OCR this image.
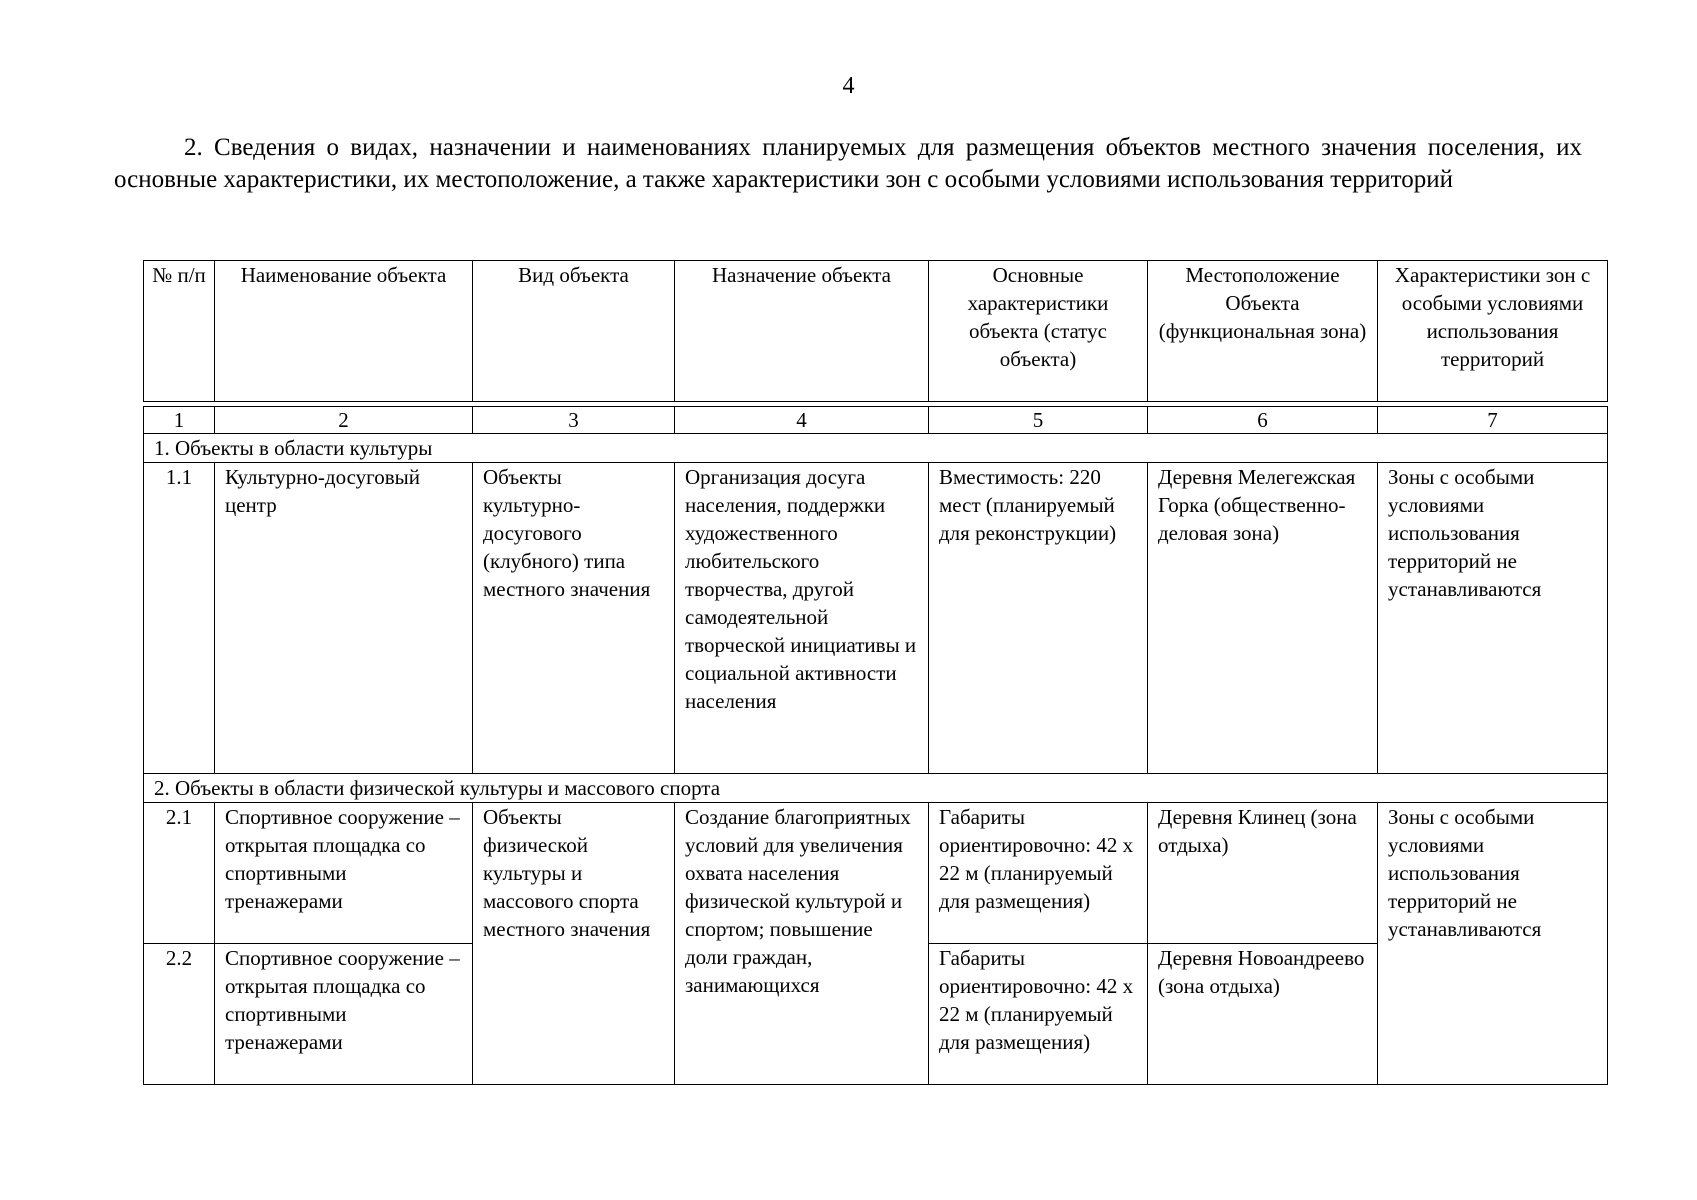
4

2. Сведения о видах, назначении и наименованиях планируемых для размещения объектов местного значения поселения, их основные характеристики, их местоположение, а также характеристики зон с особыми условиями использования территорий

№ п/п	Наименование объекта	Вид объекта	Назначение объекта	Основные характеристики объекта (статус объекта)	Местоположение Объекта (функциональная зона)	Характеристики зон с особыми условиями использования территорий

1	2	3	4	5	6	7
1. Объекты в области культуры						
1.1	Культурно-досуговый центр	Объекты культурно-досугового (клубного) типа местного значения	Организация досуга населения, поддержки художественного любительского творчества, другой самодеятельной творческой инициативы и социальной активности населения	Вместимость: 220 мест (планируемый для реконструкции)	Деревня Мелегежская Горка (общественно-деловая зона)	Зоны с особыми условиями использования территорий не устанавливаются
2. Объекты в области физической культуры и массового спорта						
2.1	Спортивное сооружение – открытая площадка со спортивными тренажерами	Объекты физической культуры и массового спорта местного значения	Создание благоприятных условий для увеличения охвата населения физической культурой и спортом; повышение доли граждан, занимающихся	Габариты ориентировочно: 42 х 22 м (планируемый для размещения)	Деревня Клинец (зона отдыха)	Зоны с особыми условиями использования территорий не устанавливаются
2.2	Спортивное сооружение – открытая площадка со спортивными тренажерами			Габариты ориентировочно: 42 х 22 м (планируемый для размещения)	Деревня Новоандреево (зона отдыха)	
